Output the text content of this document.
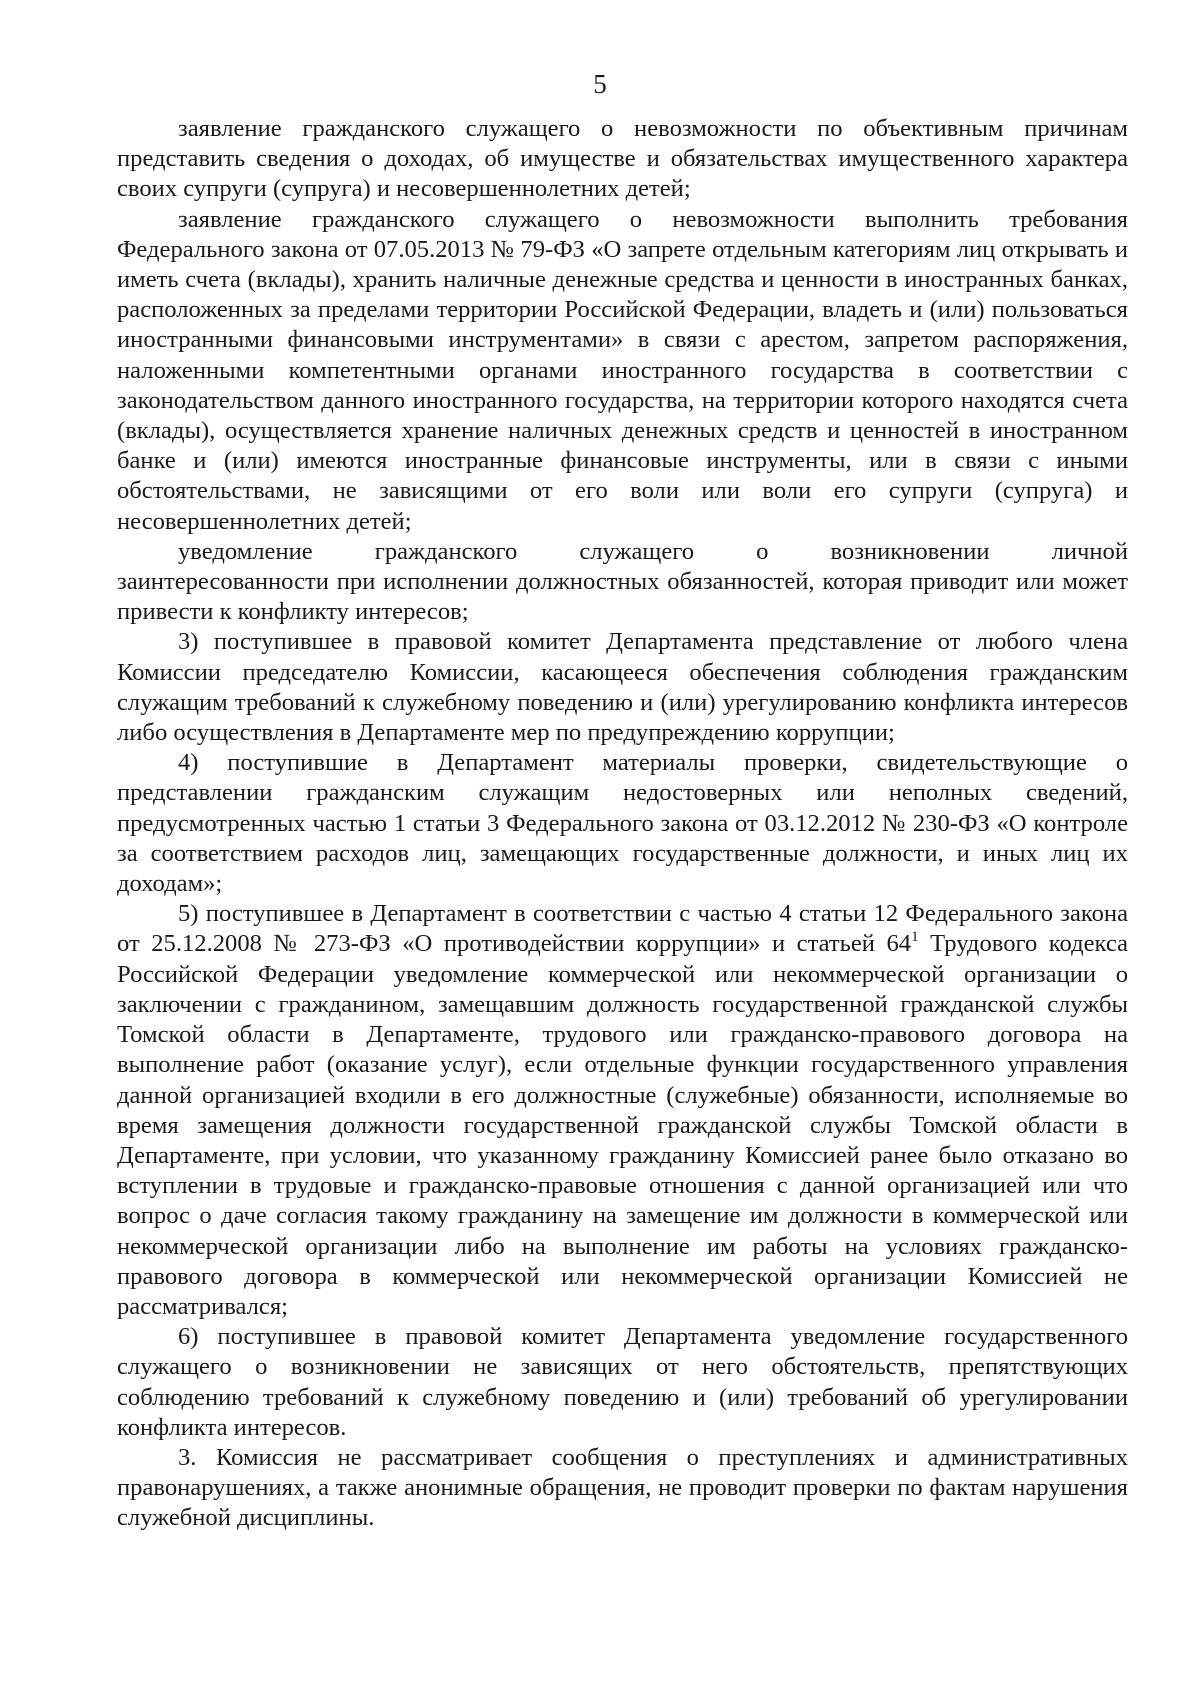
5

заявление гражданского служащего о невозможности по объективным причинам представить сведения о доходах, об имуществе и обязательствах имущественного характера своих супруги (супруга) и несовершеннолетних детей;

заявление гражданского служащего о невозможности выполнить требования Федерального закона от 07.05.2013 № 79-ФЗ «О запрете отдельным категориям лиц открывать и иметь счета (вклады), хранить наличные денежные средства и ценности в иностранных банках, расположенных за пределами территории Российской Федерации, владеть и (или) пользоваться иностранными финансовыми инструментами» в связи с арестом, запретом распоряжения, наложенными компетентными органами иностранного государства в соответствии с законодательством данного иностранного государства, на территории которого находятся счета (вклады), осуществляется хранение наличных денежных средств и ценностей в иностранном банке и (или) имеются иностранные финансовые инструменты, или в связи с иными обстоятельствами, не зависящими от его воли или воли его супруги (супруга) и несовершеннолетних детей;

уведомление гражданского служащего о возникновении личной

заинтересованности при исполнении должностных обязанностей, которая приводит или может привести к конфликту интересов;

3) поступившее в правовой комитет Департамента представление от любого члена Комиссии председателю Комиссии, касающееся обеспечения соблюдения гражданским служащим требований к служебному поведению и (или) урегулированию конфликта интересов либо осуществления в Департаменте мер по предупреждению коррупции;

4) поступившие в Департамент материалы проверки, свидетельствующие о представлении гражданским служащим недостоверных или неполных сведений, предусмотренных частью 1 статьи 3 Федерального закона от 03.12.2012 № 230-ФЗ «О контроле за соответствием расходов лиц, замещающих государственные должности, и иных лиц их доходам»;

5) поступившее в Департамент в соответствии с частью 4 статьи 12 Федерального закона от 25.12.2008 № 273-ФЗ «О противодействии коррупции» и статьей $64^1$ Трудового кодекса Российской Федерации уведомление коммерческой или некоммерческой организации о заключении с гражданином, замещавшим должность государственной гражданской службы Томской области в Департаменте, трудового или гражданско-правового договора на выполнение работ (оказание услуг), если отдельные функции государственного управления данной организацией входили в его должностные (служебные) обязанности, исполняемые во время замещения должности государственной гражданской службы Томской области в Департаменте, при условии, что указанному гражданину Комиссией ранее было отказано во вступлении в трудовые и гражданско-правовые отношения с данной организацией или что вопрос о даче согласия такому гражданину на замещение им должности в коммерческой или некоммерческой организации либо на выполнение им работы на условиях гражданско-правового договора в коммерческой или некоммерческой организации Комиссией не рассматривался;

6) поступившее в правовой комитет Департамента уведомление государственного служащего о возникновении не зависящих от него обстоятельств, препятствующих соблюдению требований к служебному поведению и (или) требований об урегулировании конфликта интересов.

3. Комиссия не рассматривает сообщения о преступлениях и административных правонарушениях, а также анонимные обращения, не проводит проверки по фактам нарушения служебной дисциплины.
